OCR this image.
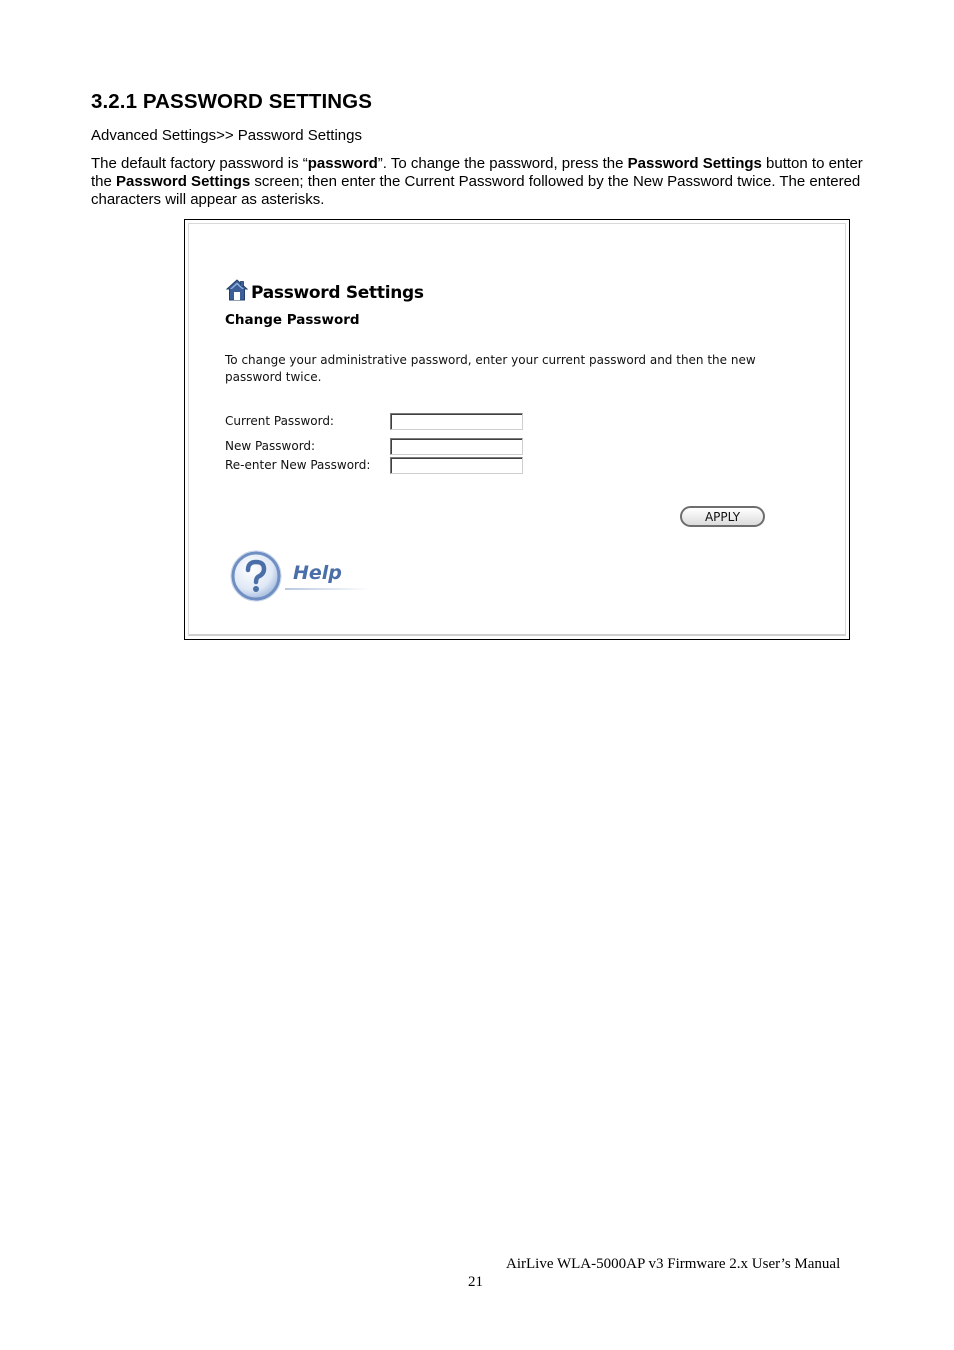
3.2.1 PASSWORD SETTINGS

Advanced Settings>> Password Settings

The default factory password is “password”. To change the password, press the Password Settings button to enter the Password Settings screen; then enter the Current Password followed by the New Password twice. The entered characters will appear as asterisks.

Password Settings
Change Password
To change your administrative password, enter your current password and then the new password twice.
Current Password:
New Password:
Re-enter New Password:
APPLY
Help
AirLive WLA-5000AP v3 Firmware 2.x User’s Manual
21
